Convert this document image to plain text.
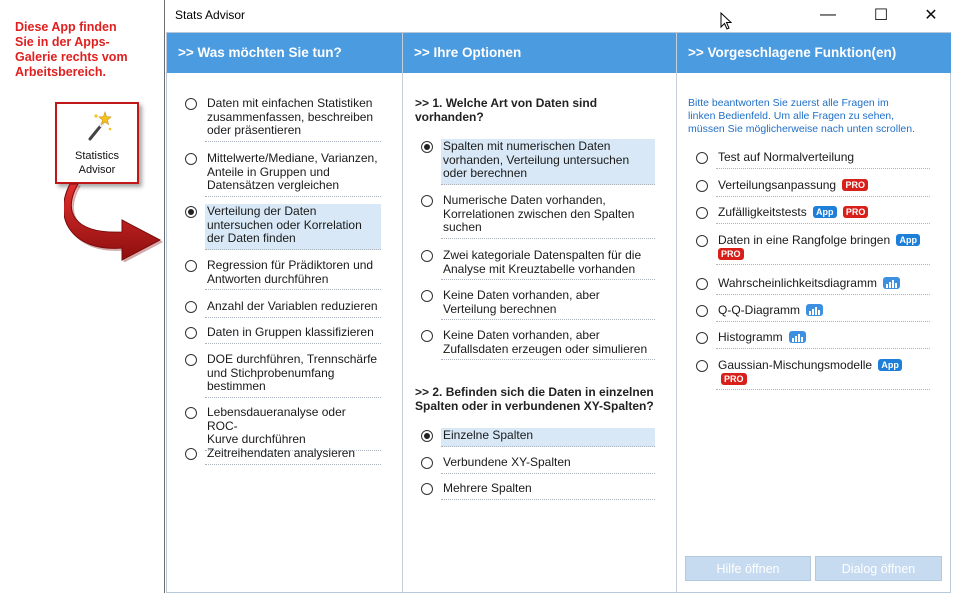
Diese App finden
Sie in der Apps-
Galerie rechts vom
Arbeitsbereich.
Statistics
Advisor
Stats Advisor	—	☐	✕
>> Was möchten Sie tun?
Daten mit einfachen Statistiken
zusammenfassen, beschreiben
oder präsentieren
Mittelwerte/Mediane, Varianzen,
Anteile in Gruppen und
Datensätzen vergleichen
Verteilung der Daten
untersuchen oder Korrelation
der Daten finden
Regression für Prädiktoren und
Antworten durchführen
Anzahl der Variablen reduzieren
Daten in Gruppen klassifizieren
DOE durchführen, Trennschärfe
und Stichprobenumfang
bestimmen
Lebensdaueranalyse oder ROC-
Kurve durchführen
Zeitreihendaten analysieren
>> Ihre Optionen
>> 1. Welche Art von Daten sind
vorhanden?
Spalten mit numerischen Daten
vorhanden, Verteilung untersuchen
oder berechnen
Numerische Daten vorhanden,
Korrelationen zwischen den Spalten
suchen
Zwei kategoriale Datenspalten für die
Analyse mit Kreuztabelle vorhanden
Keine Daten vorhanden, aber
Verteilung berechnen
Keine Daten vorhanden, aber
Zufallsdaten erzeugen oder simulieren
>> 2. Befinden sich die Daten in einzelnen
Spalten oder in verbundenen XY-Spalten?
Einzelne Spalten
Verbundene XY-Spalten
Mehrere Spalten
>> Vorgeschlagene Funktion(en)
Bitte beantworten Sie zuerst alle Fragen im
linken Bedienfeld. Um alle Fragen zu sehen,
müssen Sie möglicherweise nach unten scrollen.
Test auf Normalverteilung
Verteilungsanpassung PRO
Zufälligkeitstests App PRO
Daten in eine Rangfolge bringen App
PRO
Wahrscheinlichkeitsdiagramm
Q-Q-Diagramm
Histogramm
Gaussian-Mischungsmodelle App PRO
Hilfe öffnen	Dialog öffnen
